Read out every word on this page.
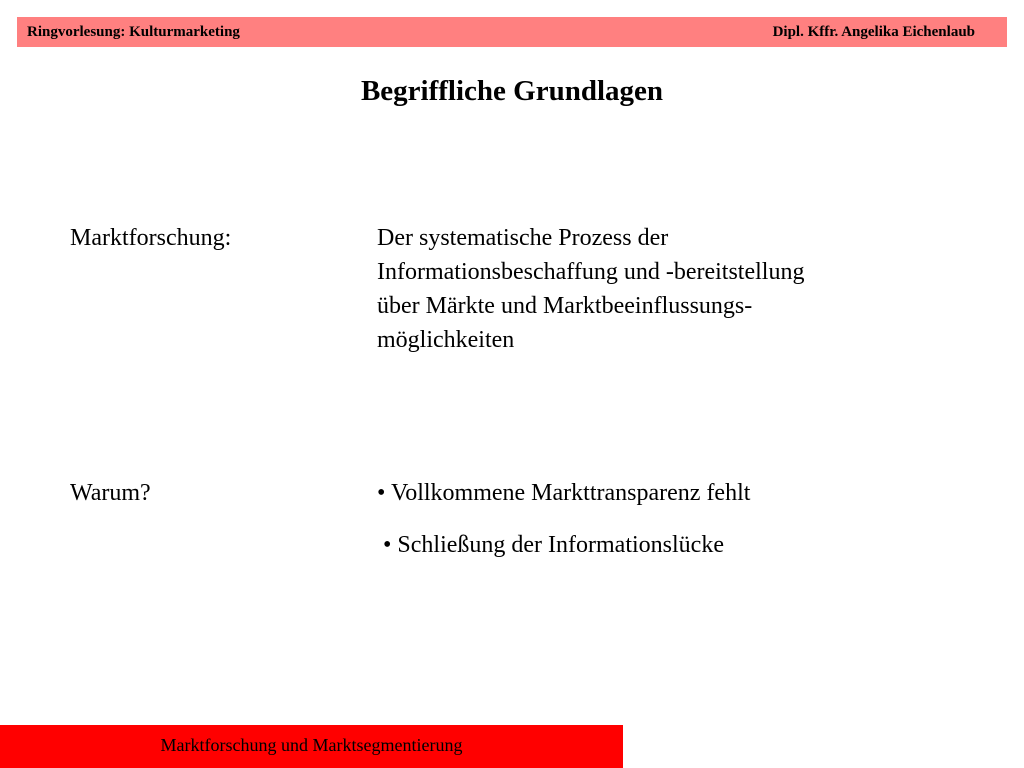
Ringvorlesung: Kulturmarketing	Dipl. Kffr. Angelika Eichenlaub
Begriffliche Grundlagen
Marktforschung:	Der systematische Prozess der
Informationsbeschaffung und -bereitstellung
über Märkte und Marktbeeinflussungs-
möglichkeiten
Warum?	• Vollkommene Markttransparenz fehlt
• Schließung der Informationslücke
Marktforschung und Marktsegmentierung
